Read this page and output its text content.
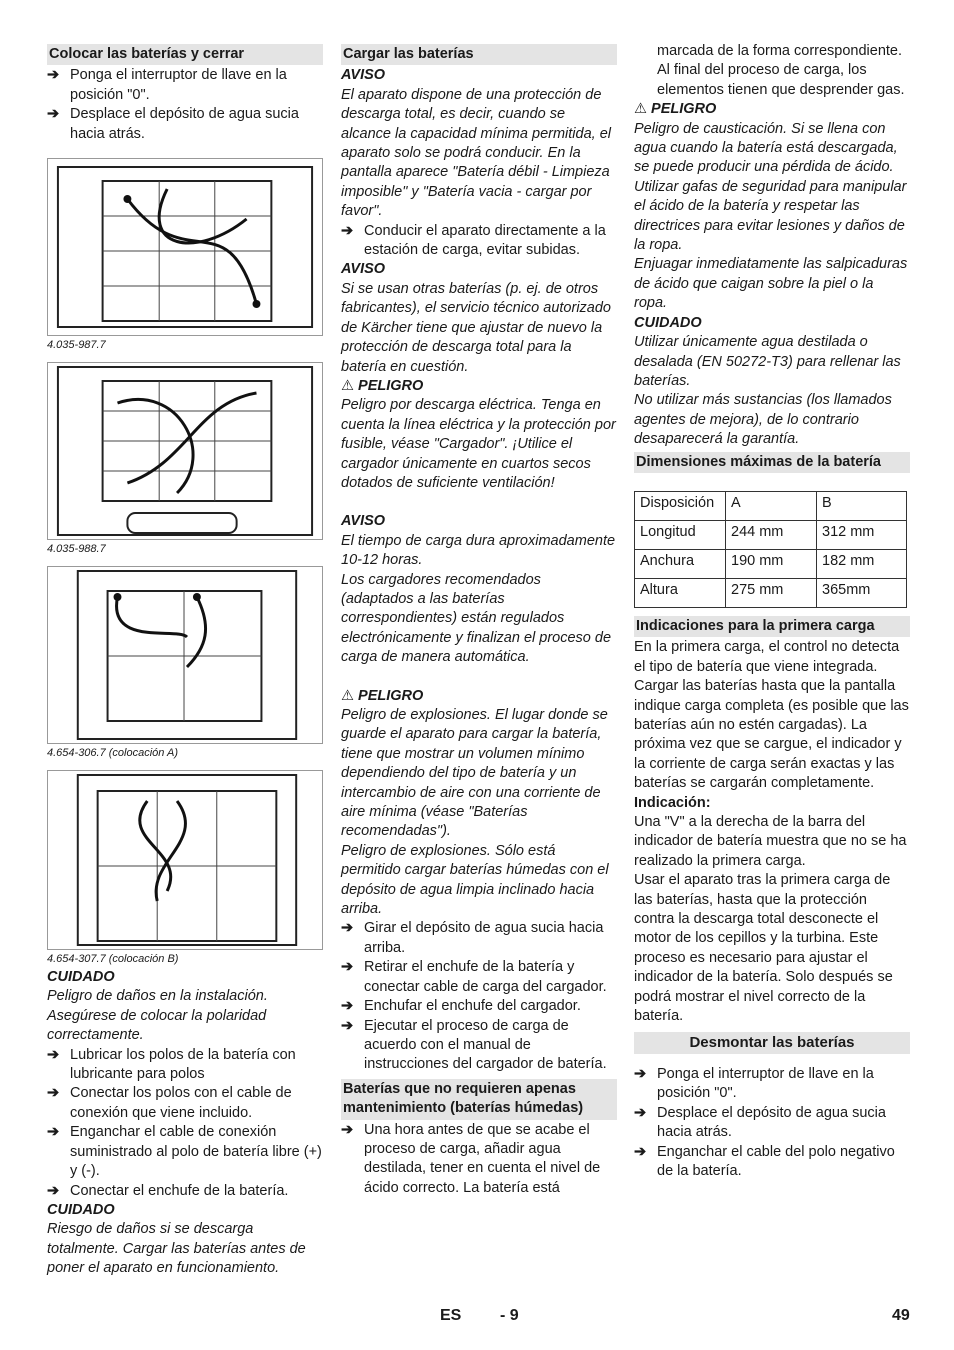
Colocar las baterías y cerrar
➔ Ponga el interruptor de llave en la posición "0".
➔ Desplace el depósito de agua sucia hacia atrás.
4.035-987.7
4.035-988.7
4.654-306.7 (colocación A)
4.654-307.7 (colocación B)
CUIDADO
Peligro de daños en la instalación. Asegúrese de colocar la polaridad correctamente.
➔ Lubricar los polos de la batería con lubricante para polos
➔ Conectar los polos con el cable de conexión que viene incluido.
➔ Enganchar el cable de conexión suministrado al polo de batería libre (+) y (-).
➔ Conectar el enchufe de la batería.
CUIDADO
Riesgo de daños si se descarga totalmente. Cargar las baterías antes de poner el aparato en funcionamiento.
Cargar las baterías
AVISO
El aparato dispone de una protección de descarga total, es decir, cuando se alcance la capacidad mínima permitida, el aparato solo se podrá conducir. En la pantalla aparece "Batería débil - Limpieza imposible" y "Batería vacia - cargar por favor".
➔ Conducir el aparato directamente a la estación de carga, evitar subidas.
AVISO
Si se usan otras baterías (p. ej. de otros fabricantes), el servicio técnico autorizado de Kärcher tiene que ajustar de nuevo la protección de descarga total para la batería en cuestión.
⚠ PELIGRO
Peligro por descarga eléctrica. Tenga en cuenta la línea eléctrica y la protección por fusible, véase "Cargador". ¡Utilice el cargador únicamente en cuartos secos dotados de suficiente ventilación!
AVISO
El tiempo de carga dura aproximadamente 10-12 horas.
Los cargadores recomendados (adaptados a las baterías correspondientes) están regulados electrónicamente y finalizan el proceso de carga de manera automática.
⚠ PELIGRO
Peligro de explosiones. El lugar donde se guarde el aparato para cargar la batería, tiene que mostrar un volumen mínimo dependiendo del tipo de batería y un intercambio de aire con una corriente de aire mínima (véase "Baterías recomendadas").
Peligro de explosiones. Sólo está permitido cargar baterías húmedas con el depósito de agua limpia inclinado hacia arriba.
➔ Girar el depósito de agua sucia hacia arriba.
➔ Retirar el enchufe de la batería y conectar cable de carga del cargador.
➔ Enchufar el enchufe del cargador.
➔ Ejecutar el proceso de carga de acuerdo con el manual de instrucciones del cargador de batería.
Baterías que no requieren apenas mantenimiento (baterías húmedas)
➔ Una hora antes de que se acabe el proceso de carga, añadir agua destilada, tener en cuenta el nivel de ácido correcto. La batería está
marcada de la forma correspondiente. Al final del proceso de carga, los elementos tienen que desprender gas.
⚠ PELIGRO
Peligro de causticación. Si se llena con agua cuando la batería está descargada, se puede producir una pérdida de ácido.
Utilizar gafas de seguridad para manipular el ácido de la batería y respetar las directrices para evitar lesiones y daños de la ropa.
Enjuagar inmediatamente las salpicaduras de ácido que caigan sobre la piel o la ropa.
CUIDADO
Utilizar únicamente agua destilada o desalada (EN 50272-T3) para rellenar las baterías.
No utilizar más sustancias (los llamados agentes de mejora), de lo contrario desaparecerá la garantía.
Dimensiones máximas de la batería
Disposición	A	B
Longitud	244 mm	312 mm
Anchura	190 mm	182 mm
Altura	275 mm	365mm
Indicaciones para la primera carga
En la primera carga, el control no detecta el tipo de batería que viene integrada. Cargar las baterías hasta que la pantalla indique carga completa (es posible que las baterías aún no estén cargadas). La próxima vez que se cargue, el indicador y la corriente de carga serán exactas y las baterías se cargarán completamente.
Indicación:
Una "V" a la derecha de la barra del indicador de batería muestra que no se ha realizado la primera carga.
Usar el aparato tras la primera carga de las baterías, hasta que la protección contra la descarga total desconecte el motor de los cepillos y la turbina. Este proceso es necesario para ajustar el indicador de la batería. Solo después se podrá mostrar el nivel correcto de la batería.
Desmontar las baterías
➔ Ponga el interruptor de llave en la posición "0".
➔ Desplace el depósito de agua sucia hacia atrás.
➔ Enganchar el cable del polo negativo de la batería.
ES - 9	49
